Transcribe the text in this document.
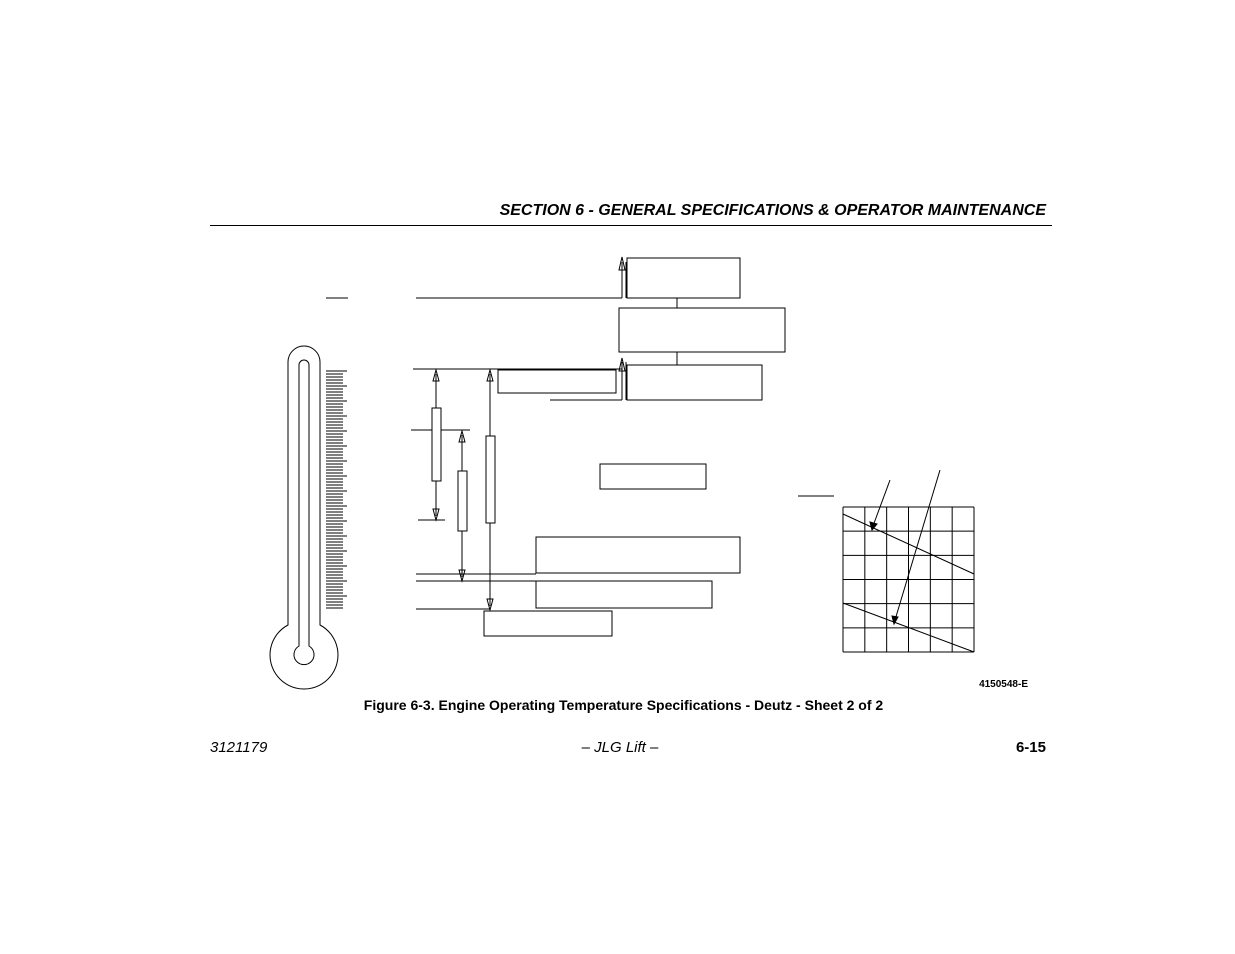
SECTION 6 - GENERAL SPECIFICATIONS & OPERATOR MAINTENANCE
4150548-E
Figure 6-3. Engine Operating Temperature Specifications - Deutz - Sheet 2 of 2
3121179	– JLG Lift –	6-15
